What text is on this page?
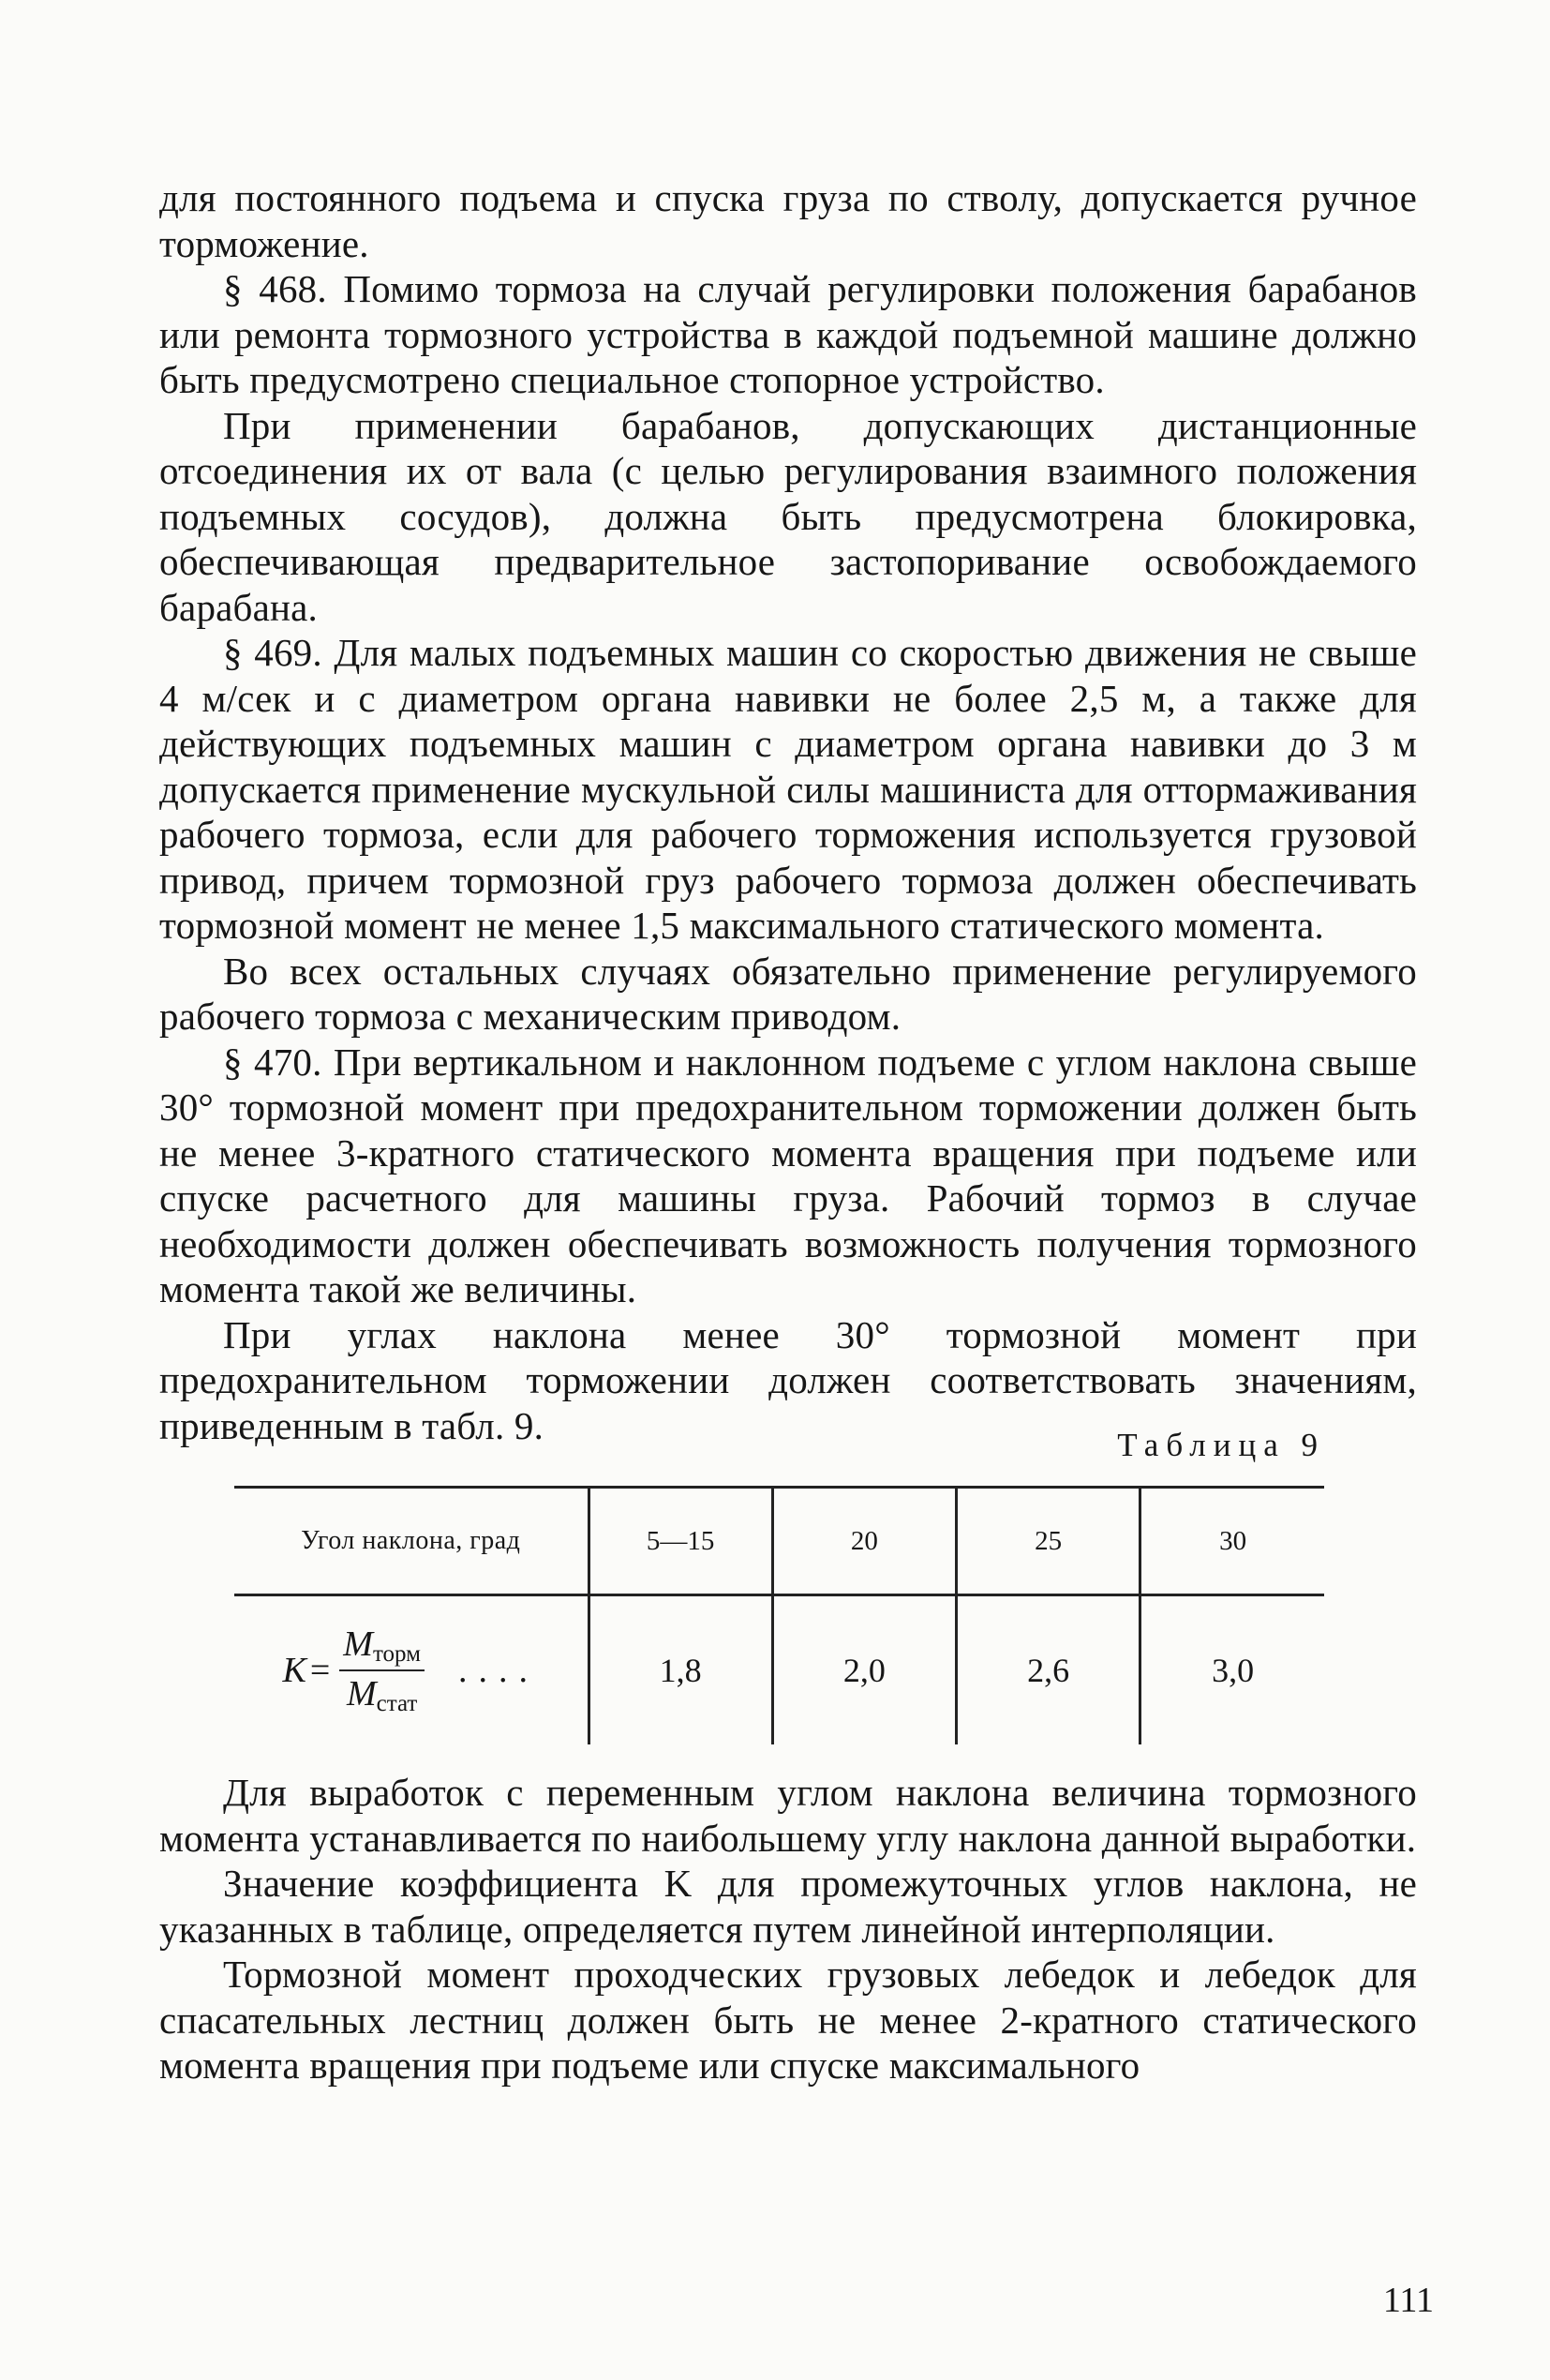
для постоянного подъема и спуска груза по стволу, допускается ручное торможение.

§ 468. Помимо тормоза на случай регулировки положения барабанов или ремонта тормозного устройства в каждой подъемной машине должно быть предусмотрено специальное стопорное устройство.

При применении барабанов, допускающих дистанционные отсоединения их от вала (с целью регулирования взаимного положения подъемных сосудов), должна быть предусмотрена блокировка, обеспечивающая предварительное застопоривание освобождаемого барабана.

§ 469. Для малых подъемных машин со скоростью движения не свыше 4 м/сек и с диаметром органа навивки не более 2,5 м, а также для действующих подъемных машин с диаметром органа навивки до 3 м допускается применение мускульной силы машиниста для оттормаживания рабочего тормоза, если для рабочего торможения используется грузовой привод, причем тормозной груз рабочего тормоза должен обеспечивать тормозной момент не менее 1,5 максимального статического момента.

Во всех остальных случаях обязательно применение регулируемого рабочего тормоза с механическим приводом.

§ 470. При вертикальном и наклонном подъеме с углом наклона свыше 30° тормозной момент при предохранительном торможении должен быть не менее 3-кратного статического момента вращения при подъеме или спуске расчетного для машины груза. Рабочий тормоз в случае необходимости должен обеспечивать возможность получения тормозного момента такой же величины.

При углах наклона менее 30° тормозной момент при предохранительном торможении должен соответствовать значениям, приведенным в табл. 9.	Таблица 9
Угол наклона, град	5—15	20	25	30

$K = \frac{M_{торм}}{M_{стат}}$ ....	1,8	2,0	2,6	3,0

Для выработок с переменным углом наклона величина тормозного момента устанавливается по наибольшему углу наклона данной выработки.

Значение коэффициента K для промежуточных углов наклона, не указанных в таблице, определяется путем линейной интерполяции.

Тормозной момент проходческих грузовых лебедок и лебедок для спасательных лестниц должен быть не менее 2-кратного статического момента вращения при подъеме или спуске максимального

111
